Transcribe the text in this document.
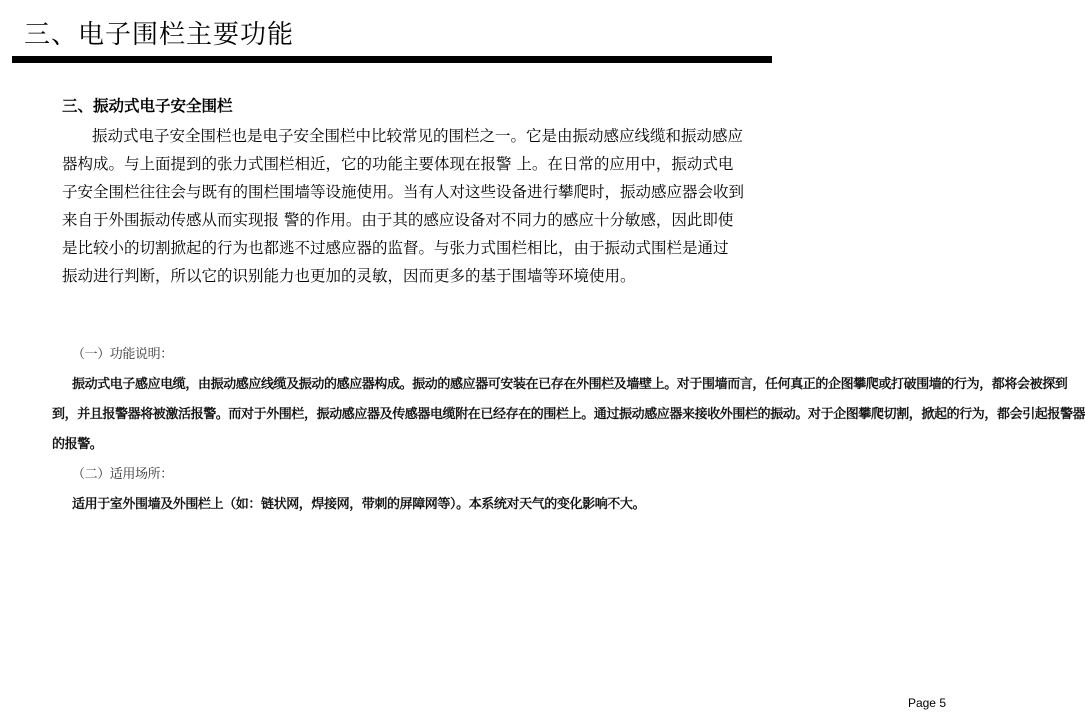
三、电子围栏主要功能
三、振动式电子安全围栏
振动式电子安全围栏也是电子安全围栏中比较常见的围栏之一。它是由振动感应线缆和振动感应
器构成。与上面提到的张力式围栏相近，它的功能主要体现在报警 上。在日常的应用中，振动式电
子安全围栏往往会与既有的围栏围墙等设施使用。当有人对这些设备进行攀爬时，振动感应器会收到
来自于外围振动传感从而实现报 警的作用。由于其的感应设备对不同力的感应十分敏感，因此即使
是比较小的切割掀起的行为也都逃不过感应器的监督。与张力式围栏相比，由于振动式围栏是通过
振动进行判断，所以它的识别能力也更加的灵敏，因而更多的基于围墙等环境使用。
（一）功能说明：
振动式电子感应电缆，由振动感应线缆及振动的感应器构成。振动的感应器可安装在已存在外围栏及墙壁上。对于围墙而言，任何真正的企图攀爬或打破围墙的行为，都将会被探到
到，并且报警器将被激活报警。而对于外围栏，振动感应器及传感器电缆附在已经存在的围栏上。通过振动感应器来接收外围栏的振动。对于企图攀爬切割，掀起的行为，都会引起报警器
的报警。
（二）适用场所：
适用于室外围墙及外围栏上（如：链状网，焊接网，带刺的屏障网等）。本系统对天气的变化影响不大。
Page 5
